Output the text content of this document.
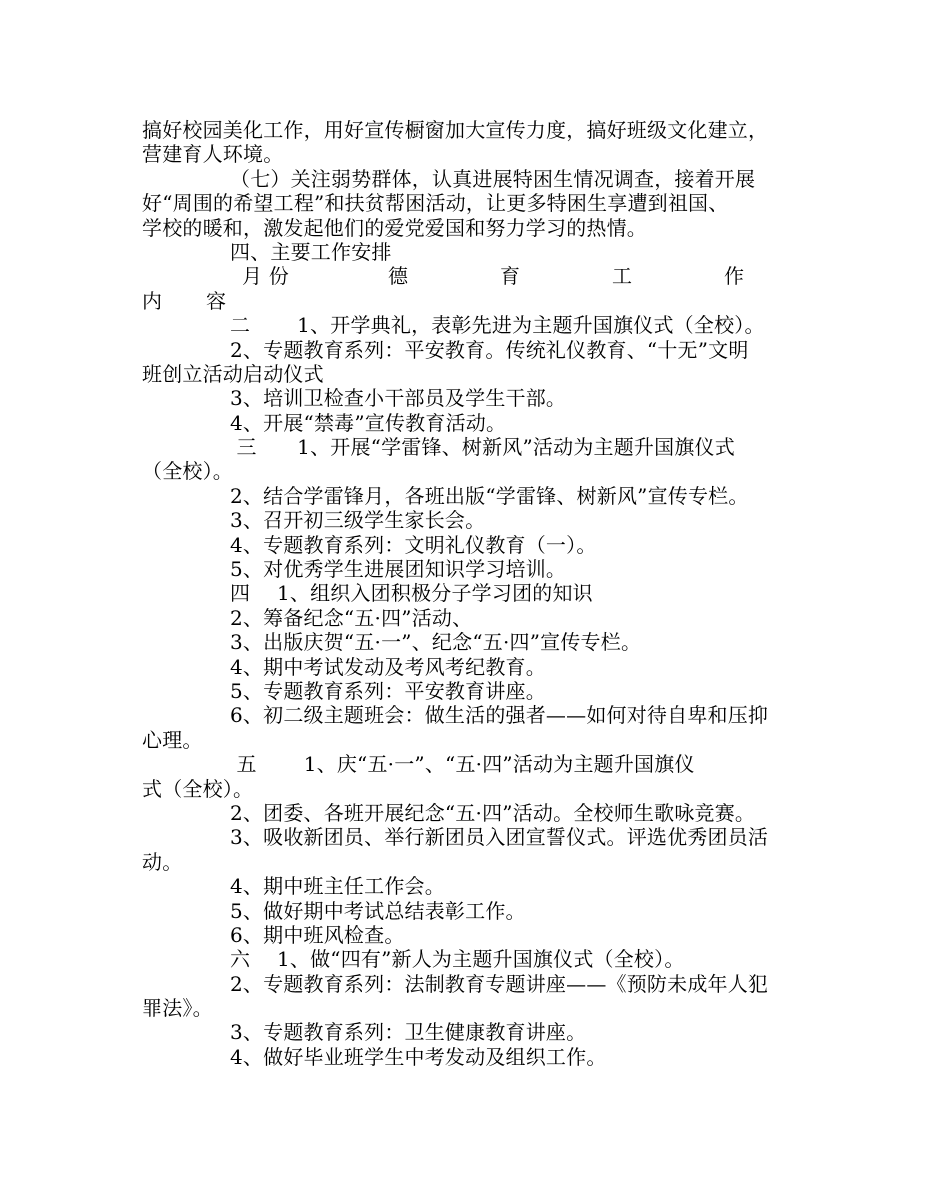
搞好校园美化工作，用好宣传橱窗加大宣传力度，搞好班级文化建立，
营建育人环境。
（七）关注弱势群体，认真进展特困生情况调查，接着开展
好“周围的希望工程”和扶贫帮困活动，让更多特困生享遭到祖国、
学校的暖和，激发起他们的爱党爱国和努力学习的热情。
四、主要工作安排
月 份	德	育	工	作
内	容
二　　 1、开学典礼，表彰先进为主题升国旗仪式（全校）。
2、专题教育系列：平安教育。传统礼仪教育、“十无”文明
班创立活动启动仪式
3、培训卫检查小干部员及学生干部。
4、开展“禁毒”宣传教育活动。
三　　1、开展“学雷锋、树新风”活动为主题升国旗仪式
（全校）。
2、结合学雷锋月，各班出版“学雷锋、树新风”宣传专栏。
3、召开初三级学生家长会。
4、专题教育系列：文明礼仪教育（一）。
5、对优秀学生进展团知识学习培训。
四　 1、组织入团积极分子学习团的知识
2、筹备纪念“五·四”活动、
3、出版庆贺“五·一”、纪念“五·四”宣传专栏。
4、期中考试发动及考风考纪教育。
5、专题教育系列：平安教育讲座。
6、初二级主题班会：做生活的强者——如何对待自卑和压抑
心理。
五　　 1、庆“五·一”、“五·四”活动为主题升国旗仪
式（全校）。
2、团委、各班开展纪念“五·四”活动。全校师生歌咏竞赛。
3、吸收新团员、举行新团员入团宣誓仪式。评选优秀团员活
动。
4、期中班主任工作会。
5、做好期中考试总结表彰工作。
6、期中班风检查。
六　 1、做“四有”新人为主题升国旗仪式（全校）。
2、专题教育系列：法制教育专题讲座——《预防未成年人犯
罪法》。
3、专题教育系列：卫生健康教育讲座。
4、做好毕业班学生中考发动及组织工作。
